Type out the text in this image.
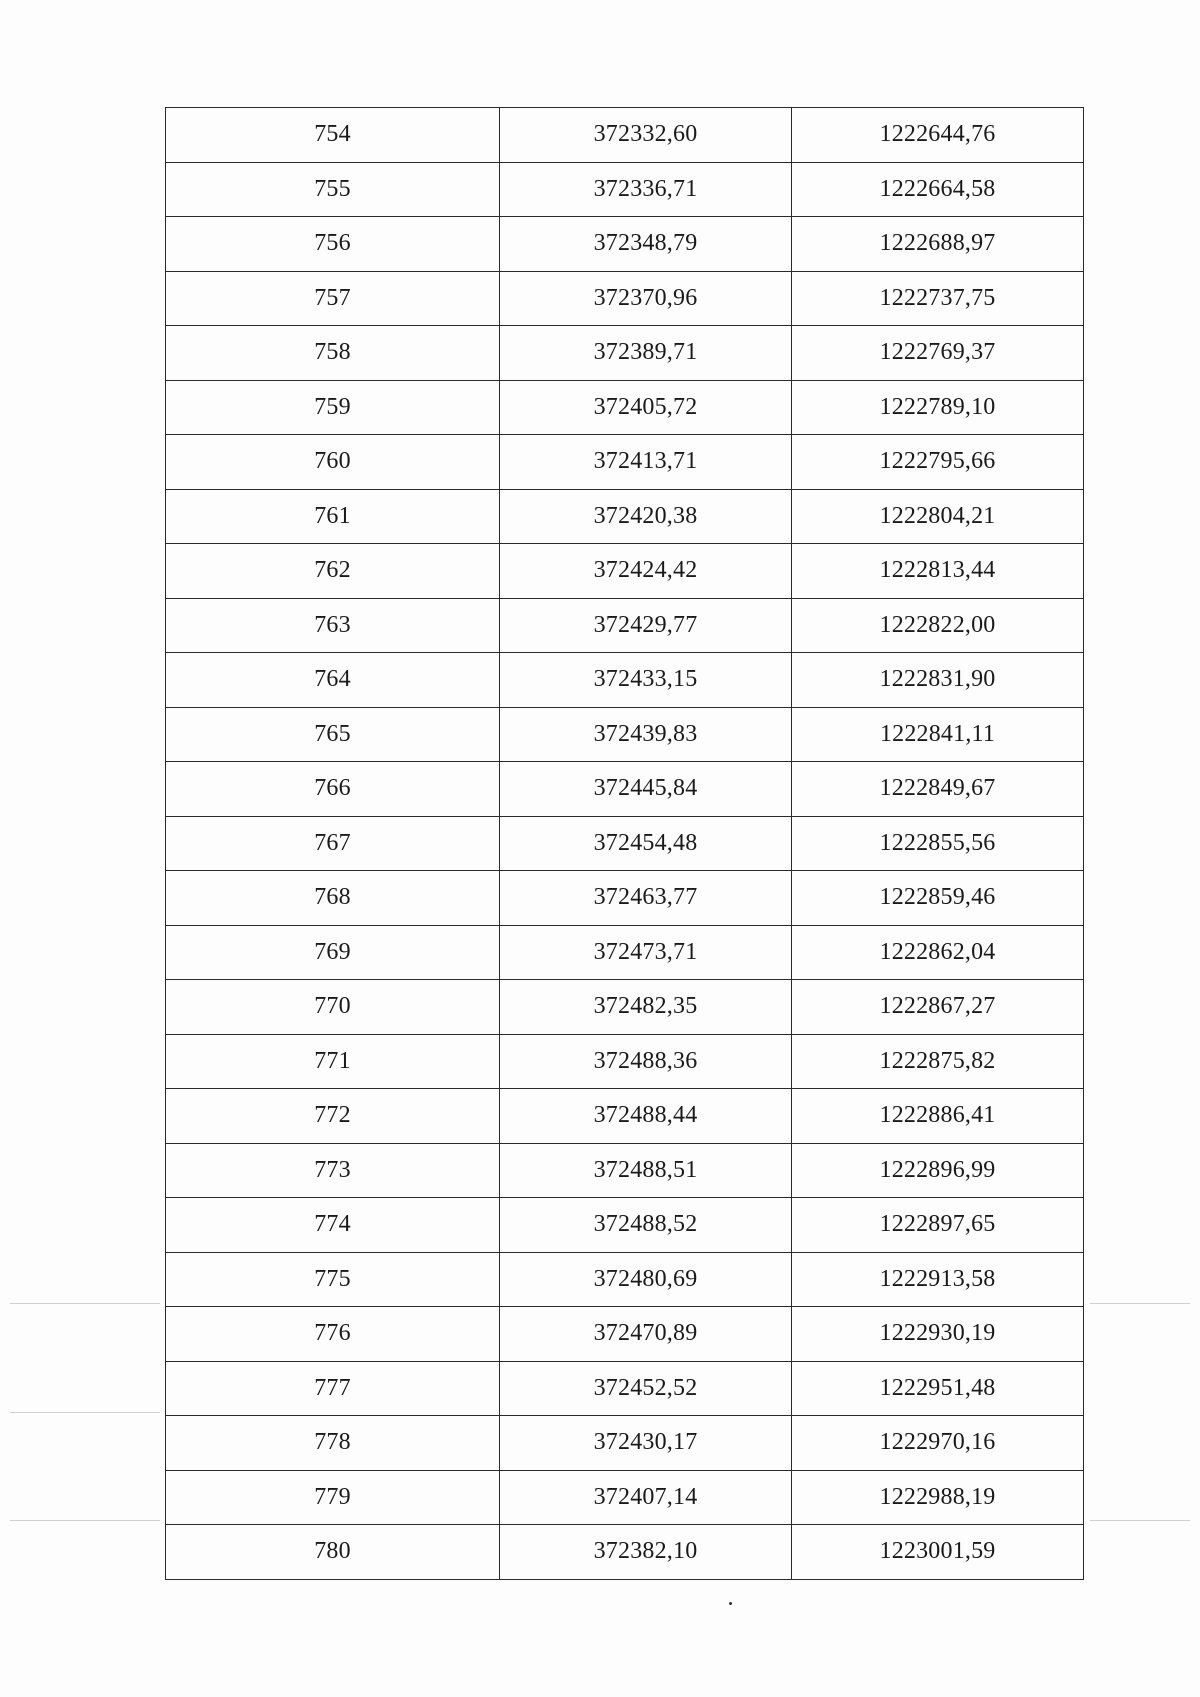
754	372332,60	1222644,76
755	372336,71	1222664,58
756	372348,79	1222688,97
757	372370,96	1222737,75
758	372389,71	1222769,37
759	372405,72	1222789,10
760	372413,71	1222795,66
761	372420,38	1222804,21
762	372424,42	1222813,44
763	372429,77	1222822,00
764	372433,15	1222831,90
765	372439,83	1222841,11
766	372445,84	1222849,67
767	372454,48	1222855,56
768	372463,77	1222859,46
769	372473,71	1222862,04
770	372482,35	1222867,27
771	372488,36	1222875,82
772	372488,44	1222886,41
773	372488,51	1222896,99
774	372488,52	1222897,65
775	372480,69	1222913,58
776	372470,89	1222930,19
777	372452,52	1222951,48
778	372430,17	1222970,16
779	372407,14	1222988,19
780	372382,10	1223001,59
